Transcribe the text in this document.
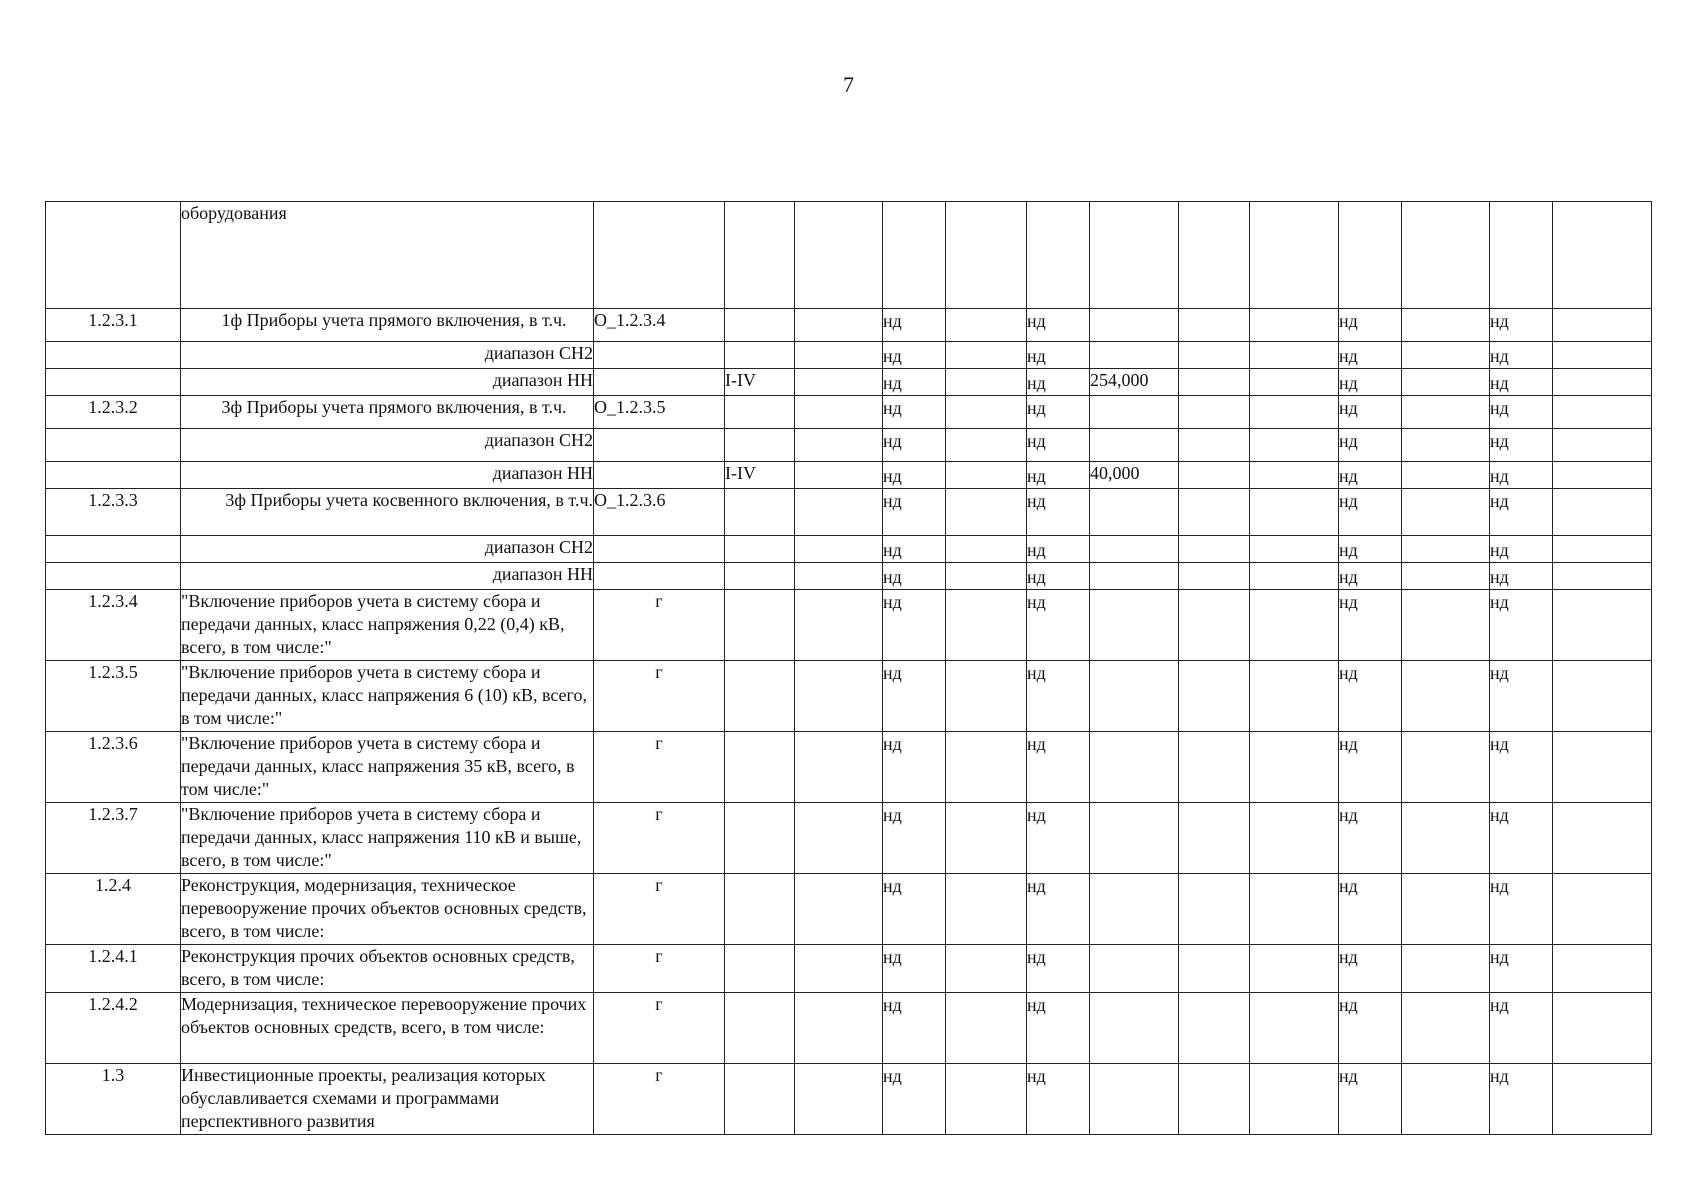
7
	оборудования													
1.2.3.1	1ф Приборы учета прямого включения, в т.ч.	О_1.2.3.4			нд		нд				нд		нд	
	диапазон СН2				нд		нд				нд		нд	
	диапазон НН		I-IV		нд		нд	254,000			нд		нд	
1.2.3.2	3ф Приборы учета прямого включения, в т.ч.	О_1.2.3.5			нд		нд				нд		нд	
	диапазон СН2				нд		нд				нд		нд	
	диапазон НН		I-IV		нд		нд	40,000			нд		нд	
1.2.3.3	3ф Приборы учета косвенного включения, в т.ч.	О_1.2.3.6			нд		нд				нд		нд	
	диапазон СН2				нд		нд				нд		нд	
	диапазон НН				нд		нд				нд		нд	
1.2.3.4	"Включение приборов учета в систему сбора и передачи данных, класс напряжения 0,22 (0,4) кВ, всего, в том числе:"	г			нд		нд				нд		нд	
1.2.3.5	"Включение приборов учета в систему сбора и передачи данных, класс напряжения 6 (10) кВ, всего, в том числе:"	г			нд		нд				нд		нд	
1.2.3.6	"Включение приборов учета в систему сбора и передачи данных, класс напряжения 35 кВ, всего, в том числе:"	г			нд		нд				нд		нд	
1.2.3.7	"Включение приборов учета в систему сбора и передачи данных, класс напряжения 110 кВ и выше, всего, в том числе:"	г			нд		нд				нд		нд	
1.2.4	Реконструкция, модернизация, техническое перевооружение прочих объектов основных средств, всего, в том числе:	г			нд		нд				нд		нд	
1.2.4.1	Реконструкция прочих объектов основных средств, всего, в том числе:	г			нд		нд				нд		нд	
1.2.4.2	Модернизация, техническое перевооружение прочих объектов основных средств, всего, в том числе:	г			нд		нд				нд		нд	
1.3	Инвестиционные проекты, реализация которых обуславливается схемами и программами перспективного развития	г			нд		нд				нд		нд	
